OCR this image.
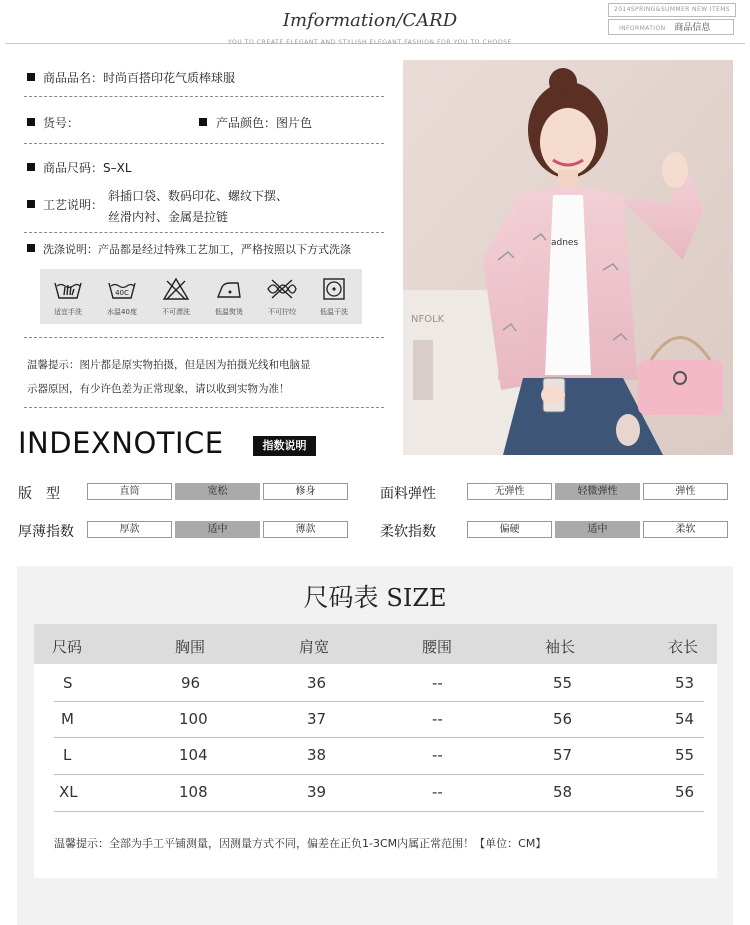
Imformation/CARD
YOU TO CREATE ELEGANT AND STYLISH ELEGANT FASHION FOR YOU TO CHOOSE
2014SPRING&SUMMER NEW ITEMS
INFORMATION 商品信息
商品品名：时尚百搭印花气质棒球服
货号：	产品颜色：图片色
商品尺码：S–XL
工艺说明：
斜插口袋、数码印花、螺纹下摆、
丝滑内衬、金属是拉链
洗涤说明：产品都是经过特殊工艺加工，严格按照以下方式洗涤
适宜手洗
40C
水温40度	不可漂洗	低温熨烫	不可拧绞	低温干洗
温馨提示：图片都是原实物拍摄，但是因为拍摄光线和电脑显
示器原因，有少许色差为正常现象，请以收到实物为准！
NFOLK
adnes
INDEXNOTICE	指数说明
版　型	直筒	宽松	修身	面料弹性	无弹性	轻微弹性	弹性
厚薄指数	厚款	适中	薄款	柔软指数	偏硬	适中	柔软
尺码表 SIZE
尺码	胸围	肩宽	腰围	袖长	衣长
S	96	36	--	55	53
M	100	37	--	56	54
L	104	38	--	57	55
XL	108	39	--	58	56
温馨提示：全部为手工平铺测量，因测量方式不同，偏差在正负1-3CM内属正常范围！【单位：CM】
